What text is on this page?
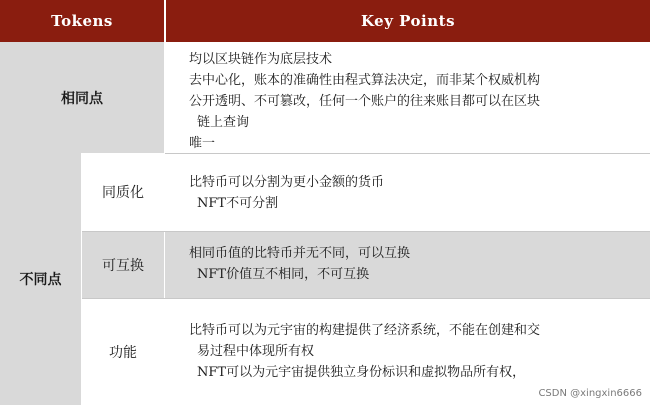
Tokens	Key Points
相同点
均以区块链作为底层技术
去中心化，账本的准确性由程式算法决定，而非某个权威机构
公开透明、不可篡改，任何一个账户的往来账目都可以在区块
链上查询
唯一
不同点
同质化
比特币可以分割为更小金额的货币
NFT不可分割
可互换
相同币值的比特币并无不同，可以互换
NFT价值互不相同，不可互换
功能
比特币可以为元宇宙的构建提供了经济系统，不能在创建和交
易过程中体现所有权
NFT可以为元宇宙提供独立身份标识和虚拟物品所有权，
CSDN @xingxin6666
